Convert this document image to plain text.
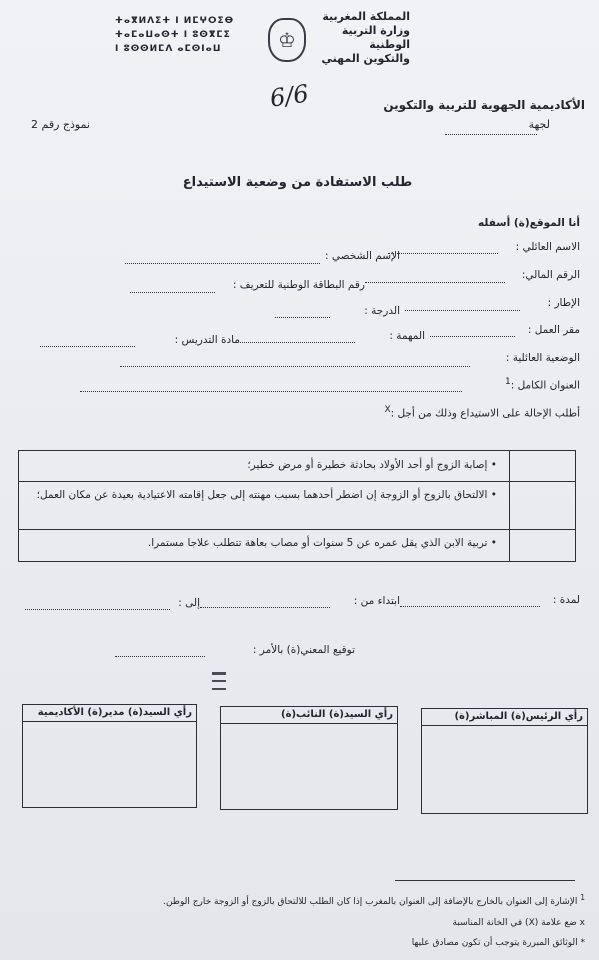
ⵜⴰⴳⵍⴷⵉⵜ ⵏ ⵍⵎⵖⵔⵉⴱ
ⵜⴰⵎⴰⵡⴰⵙⵜ ⵏ ⵓⵙⴳⵎⵉ
ⵏ ⵓⵙⵙⵍⵎⴷ ⴰⵎⵙⵏⴰⵡ	♔
المملكة المغربية
وزارة التربية الوطنية
والتكوين المهني
6/6	الأكاديمية الجهوية للتربية والتكوين
لجهة
نموذج رقم 2
طلب الاستفادة من وضعية الاستيداع
أنا الموقع(ة) أسفله
الاسم العائلي :
الإسم الشخصي :
الرقم المالي:
رقم البطاقة الوطنية للتعريف :
الإطار :
الدرجة :
مقر العمل :
المهمة :
مادة التدريس :
الوضعية العائلية :
العنوان الكامل :$^1$
أطلب الإحالة على الاستيداع وذلك من أجل :$^X$
• إصابة الزوج أو أحد الأولاد بحادثة خطيرة أو مرض خطير؛
• الالتحاق بالزوج أو الزوجة إن اضطر أحدهما بسبب مهنته إلى جعل إقامته الاعتيادية بعيدة عن مكان العمل؛
• تربية الابن الذي يقل عمره عن 5 سنوات أو مصاب بعاهة تتطلب علاجا مستمرا.
لمدة :
ابتداء من :
إلى :
توقيع المعني(ة) بالأمر :
رأي السيد(ة) مدير(ة) الأكاديمية	رأي السيد(ة) النائب(ة)	رأي الرئيس(ة) المباشر(ة)
$^1$ الإشارة إلى العنوان بالخارج بالإضافة إلى العنوان بالمغرب إذا كان الطلب للالتحاق بالزوج أو الزوجة خارج الوطن.
x ضع علامة (X) في الخانة المناسبة
* الوثائق المبررة يتوجب أن تكون مصادق عليها
